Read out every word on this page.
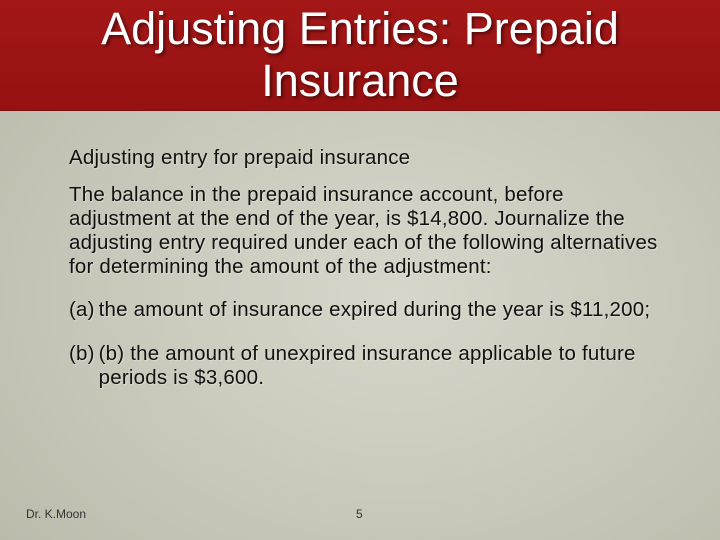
Adjusting Entries: Prepaid
Insurance
Adjusting entry for prepaid insurance
The balance in the prepaid insurance account, before adjustment at the end of the year, is $14,800. Journalize the adjusting entry required under each of the following alternatives for determining the amount of the adjustment:
(a) the amount of insurance expired during the year is $11,200;
(b) (b) the amount of unexpired insurance applicable to future periods is $3,600.
Dr. K.Moon	5
